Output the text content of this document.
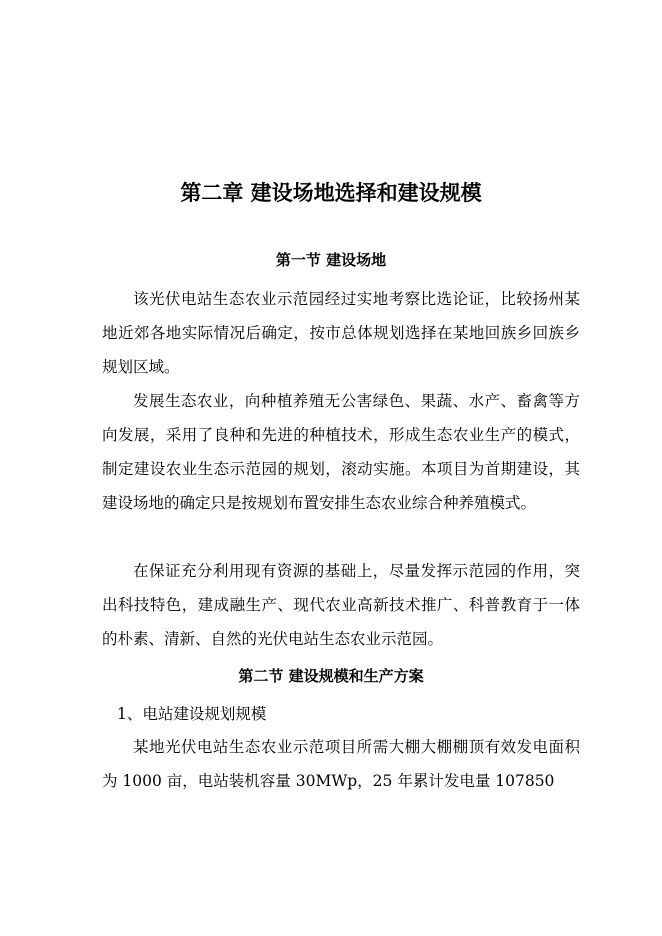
第二章 建设场地选择和建设规模
第一节 建设场地

该光伏电站生态农业示范园经过实地考察比选论证，比较扬州某地近郊各地实际情况后确定，按市总体规划选择在某地回族乡回族乡规划区域。

发展生态农业，向种植养殖无公害绿色、果蔬、水产、畜禽等方向发展，采用了良种和先进的种植技术，形成生态农业生产的模式，制定建设农业生态示范园的规划，滚动实施。本项目为首期建设，其建设场地的确定只是按规划布置安排生态农业综合种养殖模式。

在保证充分利用现有资源的基础上，尽量发挥示范园的作用，突出科技特色，建成融生产、现代农业高新技术推广、科普教育于一体的朴素、清新、自然的光伏电站生态农业示范园。

第二节 建设规模和生产方案
1、电站建设规划规模

某地光伏电站生态农业示范项目所需大棚大棚棚顶有效发电面积为 1000 亩，电站装机容量 30MWp，25 年累计发电量 107850
